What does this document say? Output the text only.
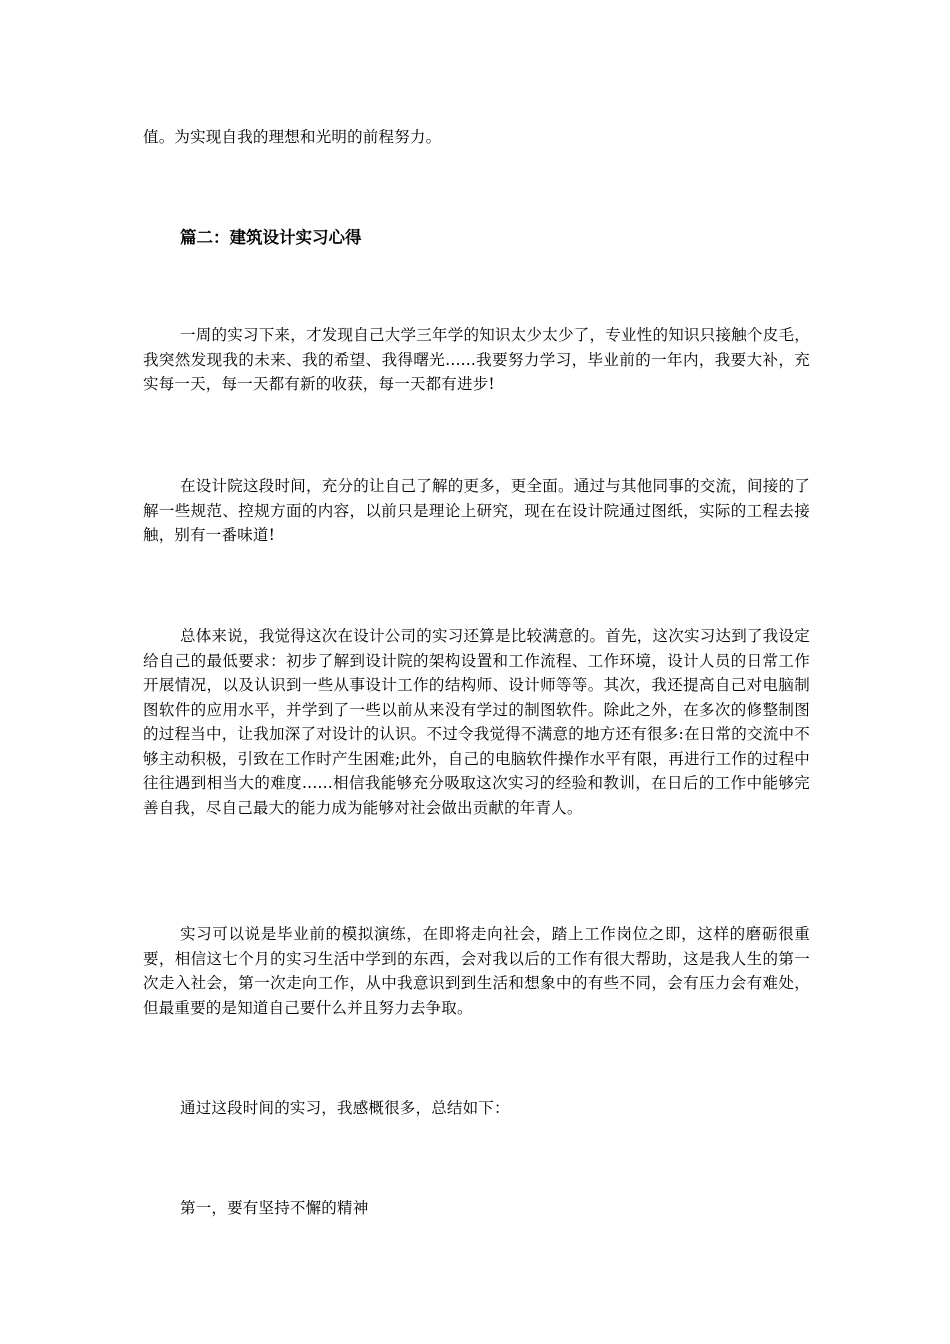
值。为实现自我的理想和光明的前程努力。

篇二：建筑设计实习心得

一周的实习下来，才发现自己大学三年学的知识太少太少了，专业性的知识只接触个皮毛，我突然发现我的未来、我的希望、我得曙光......我要努力学习，毕业前的一年内，我要大补，充实每一天，每一天都有新的收获，每一天都有进步!

在设计院这段时间，充分的让自己了解的更多，更全面。通过与其他同事的交流，间接的了解一些规范、控规方面的内容，以前只是理论上研究，现在在设计院通过图纸，实际的工程去接触，别有一番味道!

总体来说，我觉得这次在设计公司的实习还算是比较满意的。首先，这次实习达到了我设定给自己的最低要求：初步了解到设计院的架构设置和工作流程、工作环境，设计人员的日常工作开展情况，以及认识到一些从事设计工作的结构师、设计师等等。其次，我还提高自己对电脑制图软件的应用水平，并学到了一些以前从来没有学过的制图软件。除此之外，在多次的修整制图的过程当中，让我加深了对设计的认识。不过令我觉得不满意的地方还有很多:在日常的交流中不够主动积极，引致在工作时产生困难;此外，自己的电脑软件操作水平有限，再进行工作的过程中往往遇到相当大的难度......相信我能够充分吸取这次实习的经验和教训，在日后的工作中能够完善自我，尽自己最大的能力成为能够对社会做出贡献的年青人。

实习可以说是毕业前的模拟演练，在即将走向社会，踏上工作岗位之即，这样的磨砺很重要，相信这七个月的实习生活中学到的东西，会对我以后的工作有很大帮助，这是我人生的第一次走入社会，第一次走向工作，从中我意识到到生活和想象中的有些不同，会有压力会有难处，但最重要的是知道自己要什么并且努力去争取。

通过这段时间的实习，我感概很多，总结如下：

第一，要有坚持不懈的精神
